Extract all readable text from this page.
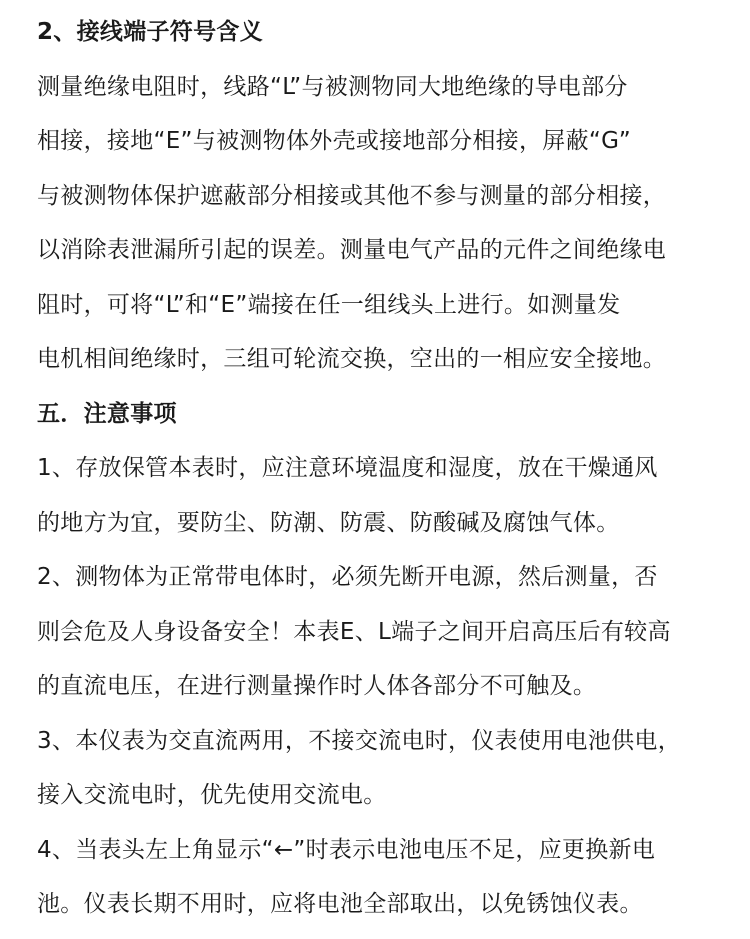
2、接线端子符号含义
测量绝缘电阻时，线路“L”与被测物同大地绝缘的导电部分
相接，接地“E”与被测物体外壳或接地部分相接，屏蔽“G”
与被测物体保护遮蔽部分相接或其他不参与测量的部分相接，
以消除表泄漏所引起的误差。测量电气产品的元件之间绝缘电
阻时，可将“L”和“E”端接在任一组线头上进行。如测量发
电机相间绝缘时，三组可轮流交换，空出的一相应安全接地。
五．注意事项
1、存放保管本表时，应注意环境温度和湿度，放在干燥通风
的地方为宜，要防尘、防潮、防震、防酸碱及腐蚀气体。
2、测物体为正常带电体时，必须先断开电源，然后测量，否
则会危及人身设备安全！本表E、L端子之间开启高压后有较高
的直流电压，在进行测量操作时人体各部分不可触及。
3、本仪表为交直流两用，不接交流电时，仪表使用电池供电，
接入交流电时，优先使用交流电。
4、当表头左上角显示“←”时表示电池电压不足，应更换新电
池。仪表长期不用时，应将电池全部取出，以免锈蚀仪表。
